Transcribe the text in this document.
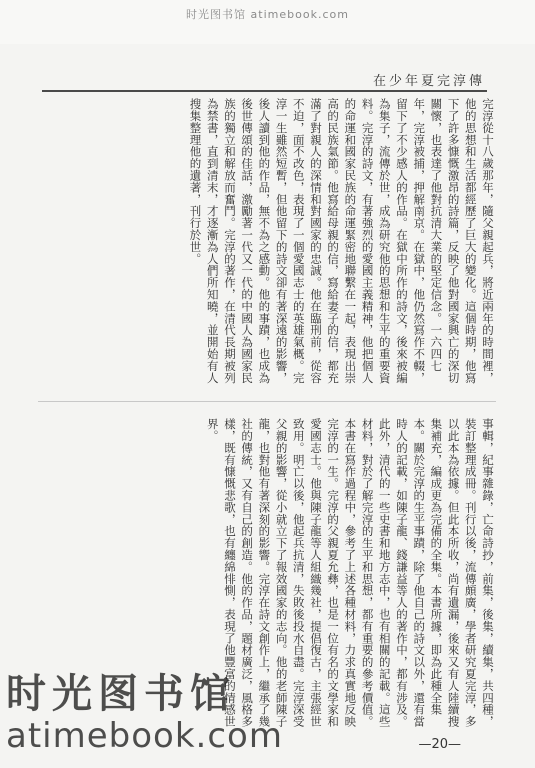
时光图书馆 atimebook.com
在少年夏完淳傳
完淳從十八歲那年，隨父親起兵，將近兩年的時間裡，他的思想和生活都經歷了巨大的變化。這個時期，他寫下了許多慷慨激昂的詩篇，反映了他對國家興亡的深切關懷，也表達了他對抗清大業的堅定信念。一六四七年，完淳被捕，押解南京。在獄中，他仍然寫作不輟，留下了不少感人的作品。在獄中所作的詩文，後來被編為集子，流傳於世，成為研究他的思想和生平的重要資料。完淳的詩文，有著強烈的愛國主義精神，他把個人的命運和國家民族的命運緊密地聯繫在一起，表現出崇高的民族氣節。他寫給母親的信，寫給妻子的信，都充滿了對親人的深情和對國家的忠誠。他在臨刑前，從容不迫，面不改色，表現了一個愛國志士的英雄氣概。完淳一生雖然短暫，但他留下的詩文卻有著深遠的影響，後人讀到他的作品，無不為之感動。他的事蹟，也成為後世傳頌的佳話，激勵著一代又一代的中國人為國家民族的獨立和解放而奮鬥。完淳的著作，在清代長期被列為禁書，直到清末，才逐漸為人們所知曉，並開始有人搜集整理他的遺著，刊行於世。
事輯，紀事雜錄，亡命詩抄，前集，後集，續集，共四種，裝訂整理成冊。刊行以後，流傳頗廣，學者研究夏完淳，多以此本為依據。但此本所收，尚有遺漏，後來又有人陸續搜集補充，編成更為完備的全集。本書所據，即為此種全集本。關於完淳的生平事蹟，除了他自己的詩文以外，還有當時人的記載，如陳子龍、錢謙益等人的著作中，都有涉及。此外，清代的一些史書和地方志中，也有相關的記載。這些材料，對於了解完淳的生平和思想，都有重要的參考價值。本書在寫作過程中，參考了上述各種材料，力求真實地反映完淳的一生。完淳的父親夏允彝，也是一位有名的文學家和愛國志士。他與陳子龍等人組織幾社，提倡復古，主張經世致用。明亡以後，他起兵抗清，失敗後投水自盡。完淳深受父親的影響，從小就立下了報效國家的志向。他的老師陳子龍，也對他有著深刻的影響。完淳在詩文創作上，繼承了幾社的傳統，又有自己的創造。他的作品，題材廣泛，風格多樣，既有慷慨悲歌，也有纏綿悱惻，表現了他豐富的情感世界。
—20—
时光图书馆
atimebook.com
